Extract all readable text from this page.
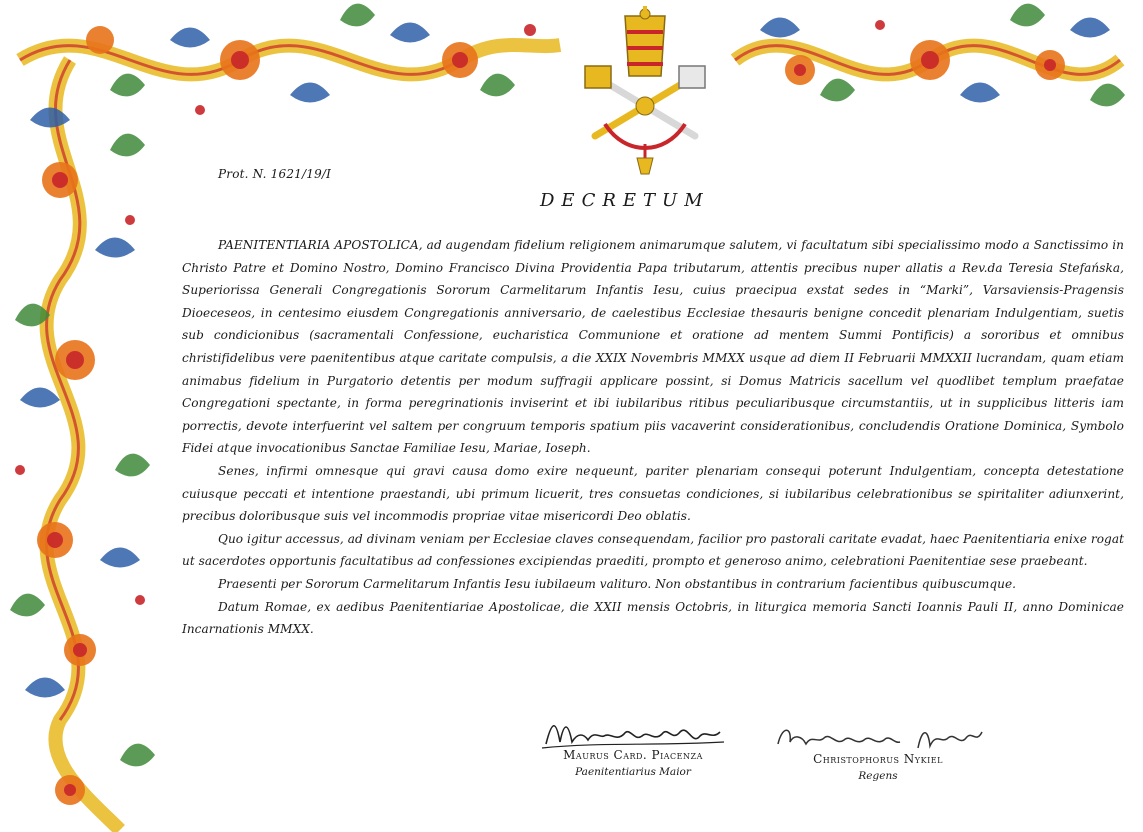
Prot. N. 1621/19/I
DECRETUM

PAENITENTIARIA APOSTOLICA, ad augendam fidelium religionem animarumque salutem, vi facultatum sibi specialissimo modo a Sanctissimo in Christo Patre et Domino Nostro, Domino Francisco Divina Providentia Papa tributarum, attentis precibus nuper allatis a Rev.da Teresia Stefańska, Superiorissa Generali Congregationis Sororum Carmelitarum Infantis Iesu, cuius praecipua exstat sedes in “Marki”, Varsaviensis-Pragensis Dioeceseos, in centesimo eiusdem Congregationis anniversario, de caelestibus Ecclesiae thesauris benigne concedit plenariam Indulgentiam, suetis sub condicionibus (sacramentali Confessione, eucharistica Communione et oratione ad mentem Summi Pontificis) a sororibus et omnibus christifidelibus vere paenitentibus atque caritate compulsis, a die XXIX Novembris MMXX usque ad diem II Februarii MMXXII lucrandam, quam etiam animabus fidelium in Purgatorio detentis per modum suffragii applicare possint, si Domus Matricis sacellum vel quodlibet templum praefatae Congregationi spectante, in forma peregrinationis inviserint et ibi iubilaribus ritibus peculiaribusque circumstantiis, ut in supplicibus litteris iam porrectis, devote interfuerint vel saltem per congruum temporis spatium piis vacaverint considerationibus, concludendis Oratione Dominica, Symbolo Fidei atque invocationibus Sanctae Familiae Iesu, Mariae, Ioseph.

Senes, infirmi omnesque qui gravi causa domo exire nequeunt, pariter plenariam consequi poterunt Indulgentiam, concepta detestatione cuiusque peccati et intentione praestandi, ubi primum licuerit, tres consuetas condiciones, si iubilaribus celebrationibus se spiritaliter adiunxerint, precibus doloribusque suis vel incommodis propriae vitae misericordi Deo oblatis.

Quo igitur accessus, ad divinam veniam per Ecclesiae claves consequendam, facilior pro pastorali caritate evadat, haec Paenitentiaria enixe rogat ut sacerdotes opportunis facultatibus ad confessiones excipiendas praediti, prompto et generoso animo, celebrationi Paenitentiae sese praebeant.

Praesenti per Sororum Carmelitarum Infantis Iesu iubilaeum valituro. Non obstantibus in contrarium facientibus quibuscumque.

Datum Romae, ex aedibus Paenitentiariae Apostolicae, die XXII mensis Octobris, in liturgica memoria Sancti Ioannis Pauli II, anno Dominicae Incarnationis MMXX.

Maurus Card. Piacenza
Paenitentiarius Maior
Christophorus Nykiel
Regens
